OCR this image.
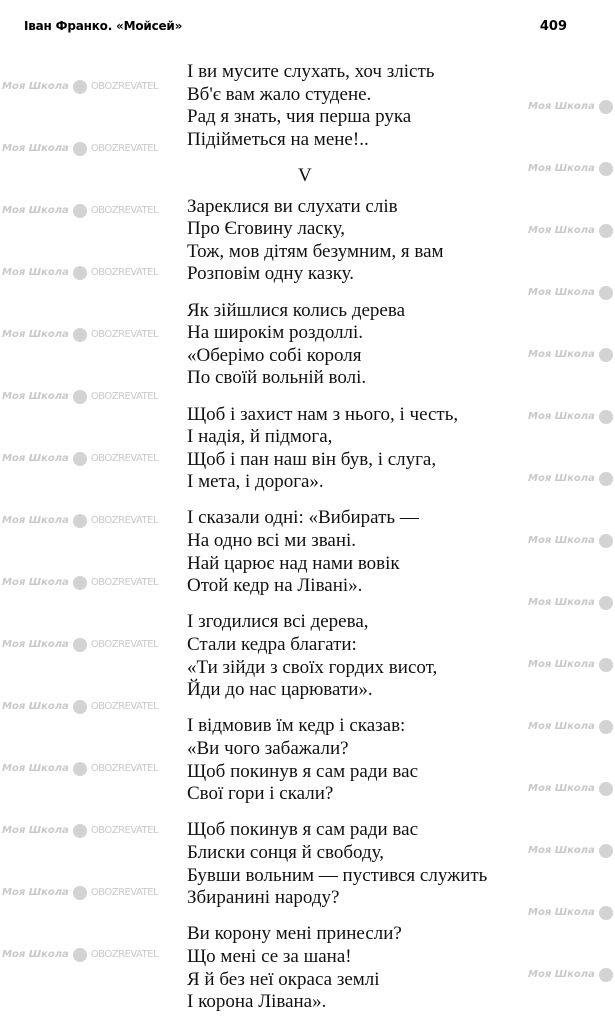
Іван Франко. «Мойсей»	409
Моя Школа OBOZREVATEL
Моя Школа
Моя Школа OBOZREVATEL
Моя Школа
Моя Школа OBOZREVATEL
Моя Школа
Моя Школа OBOZREVATEL
Моя Школа
Моя Школа OBOZREVATEL
Моя Школа
Моя Школа OBOZREVATEL
Моя Школа
Моя Школа OBOZREVATEL
Моя Школа
Моя Школа OBOZREVATEL
Моя Школа
Моя Школа OBOZREVATEL
Моя Школа
Моя Школа OBOZREVATEL
Моя Школа
Моя Школа OBOZREVATEL
Моя Школа
Моя Школа OBOZREVATEL
Моя Школа
Моя Школа OBOZREVATEL
Моя Школа
Моя Школа OBOZREVATEL
Моя Школа
Моя Школа OBOZREVATEL
Моя Школа
І ви мусите слухать, хоч злість
Вб'є вам жало студене.
Рад я знать, чия перша рука
Підійметься на мене!..
V
Зареклися ви слухати слів
Про Єговину ласку,
Тож, мов дітям безумним, я вам
Розповім одну казку.
Як зійшлися колись дерева
На широкім роздоллі.
«Оберімо собі короля
По своїй вольній волі.
Щоб і захист нам з нього, і честь,
І надія, й підмога,
Щоб і пан наш він був, і слуга,
І мета, і дорога».
І сказали одні: «Вибирать —
На одно всі ми звані.
Най царює над нами вовік
Отой кедр на Лівані».
І згодилися всі дерева,
Стали кедра благати:
«Ти зійди з своїх гордих висот,
Йди до нас царювати».
І відмовив їм кедр і сказав:
«Ви чого забажали?
Щоб покинув я сам ради вас
Свої гори і скали?
Щоб покинув я сам ради вас
Блиски сонця й свободу,
Бувши вольним — пустився служить
Збиранині народу?
Ви корону мені принесли?
Що мені се за шана!
Я й без неї окраса землі
І корона Лівана».
